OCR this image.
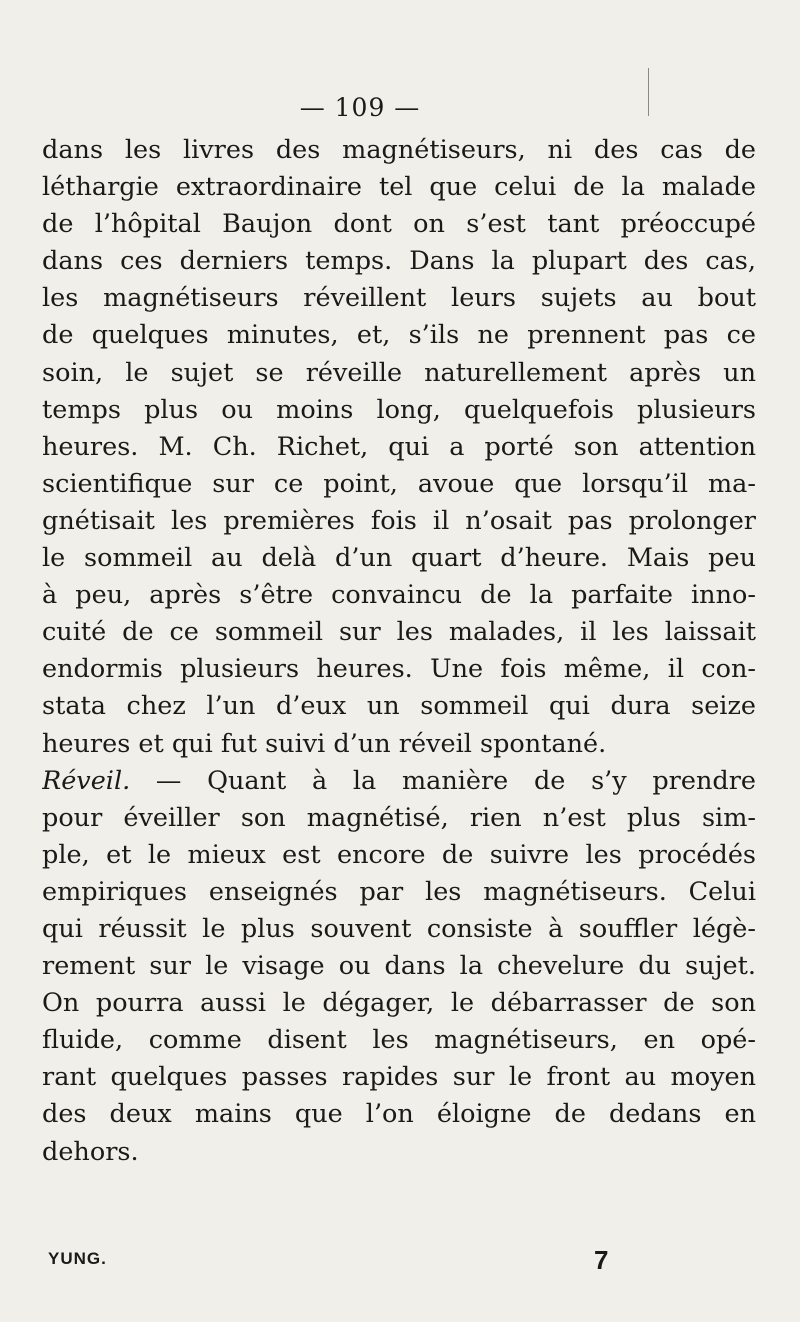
— 109 —
dans les livres des magnétiseurs, ni des cas de
léthargie extraordinaire tel que celui de la malade
de l’hôpital Baujon dont on s’est tant préoccupé
dans ces derniers temps. Dans la plupart des cas,
les magnétiseurs réveillent leurs sujets au bout
de quelques minutes, et, s’ils ne prennent pas ce
soin, le sujet se réveille naturellement après un
temps plus ou moins long, quelquefois plusieurs
heures. M. Ch. Richet, qui a porté son attention
scientifique sur ce point, avoue que lorsqu’il ma-
gnétisait les premières fois il n’osait pas prolonger
le sommeil au delà d’un quart d’heure. Mais peu
à peu, après s’être convaincu de la parfaite inno-
cuité de ce sommeil sur les malades, il les laissait
endormis plusieurs heures. Une fois même, il con-
stata chez l’un d’eux un sommeil qui dura seize
heures et qui fut suivi d’un réveil spontané.
Réveil. — Quant à la manière de s’y prendre
pour éveiller son magnétisé, rien n’est plus sim-
ple, et le mieux est encore de suivre les procédés
empiriques enseignés par les magnétiseurs. Celui
qui réussit le plus souvent consiste à souffler légè-
rement sur le visage ou dans la chevelure du sujet.
On pourra aussi le dégager, le débarrasser de son
fluide, comme disent les magnétiseurs, en opé-
rant quelques passes rapides sur le front au moyen
des deux mains que l’on éloigne de dedans en
dehors.
YUNG.	7
